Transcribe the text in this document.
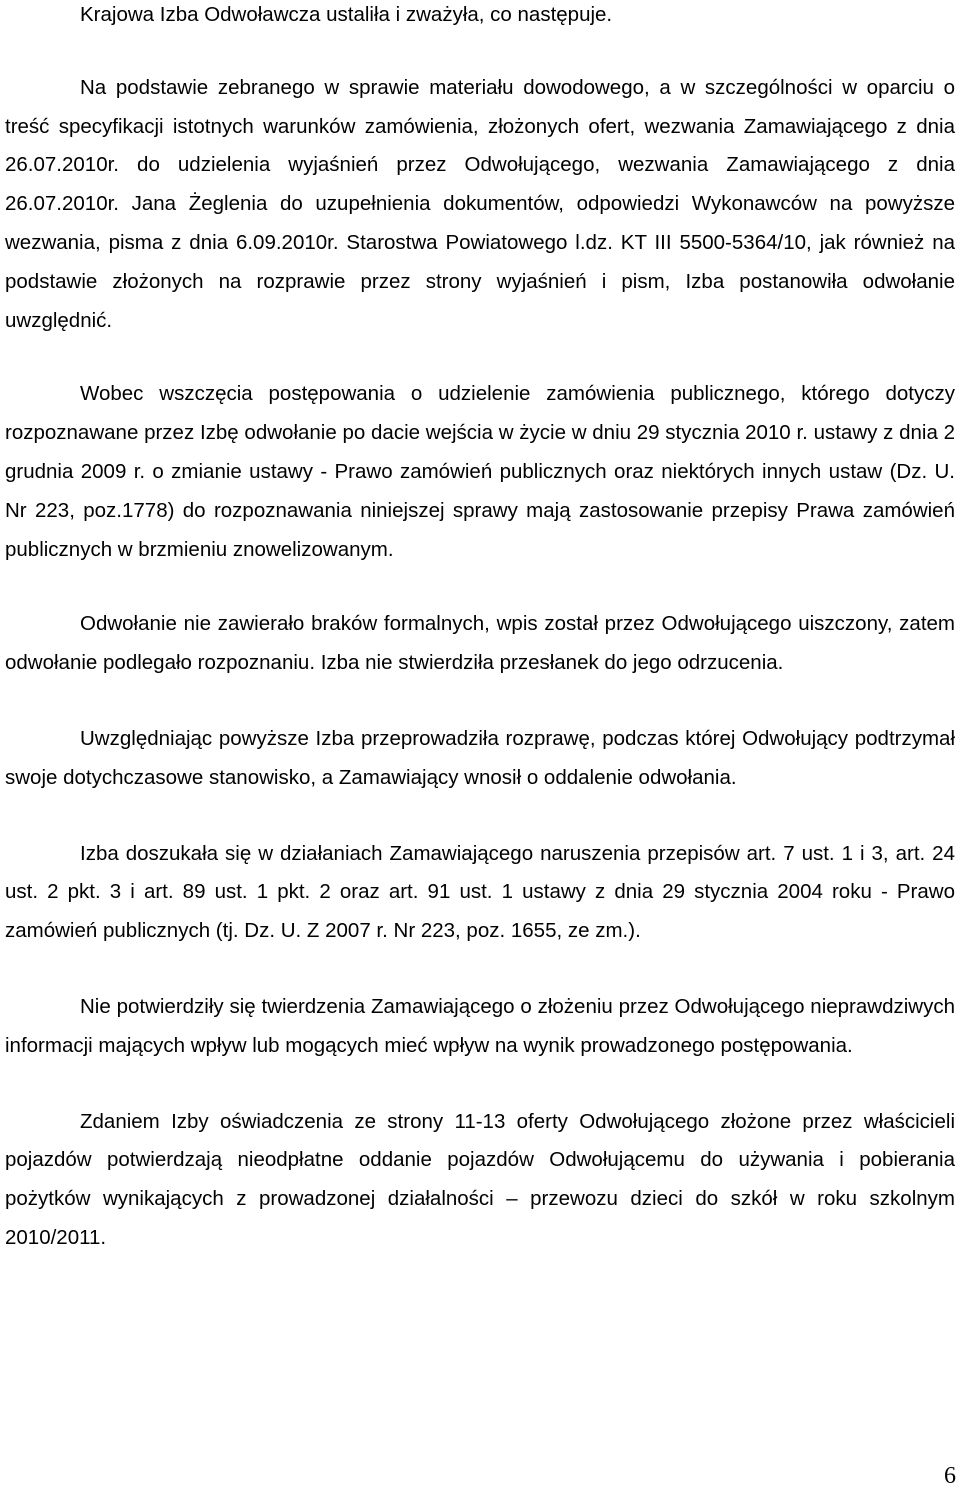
Krajowa Izba Odwoławcza ustaliła i zważyła, co następuje.

Na podstawie zebranego w sprawie materiału dowodowego, a w szczególności w oparciu o treść specyfikacji istotnych warunków zamówienia, złożonych ofert, wezwania Zamawiającego z dnia 26.07.2010r. do udzielenia wyjaśnień przez Odwołującego, wezwania Zamawiającego z dnia 26.07.2010r. Jana Żeglenia do uzupełnienia dokumentów, odpowiedzi Wykonawców na powyższe wezwania, pisma z dnia 6.09.2010r. Starostwa Powiatowego l.dz. KT III 5500-5364/10, jak również na podstawie złożonych na rozprawie przez strony wyjaśnień i pism, Izba postanowiła odwołanie uwzględnić.

Wobec wszczęcia postępowania o udzielenie zamówienia publicznego, którego dotyczy rozpoznawane przez Izbę odwołanie po dacie wejścia w życie w dniu 29 stycznia 2010 r. ustawy z dnia 2 grudnia 2009 r. o zmianie ustawy - Prawo zamówień publicznych oraz niektórych innych ustaw (Dz. U. Nr 223, poz.1778) do rozpoznawania niniejszej sprawy mają zastosowanie przepisy Prawa zamówień publicznych w brzmieniu znowelizowanym.

Odwołanie nie zawierało braków formalnych, wpis został przez Odwołującego uiszczony, zatem odwołanie podlegało rozpoznaniu. Izba nie stwierdziła przesłanek do jego odrzucenia.

Uwzględniając powyższe Izba przeprowadziła rozprawę, podczas której Odwołujący podtrzymał swoje dotychczasowe stanowisko, a Zamawiający wnosił o oddalenie odwołania.

Izba doszukała się w działaniach Zamawiającego naruszenia przepisów art. 7 ust. 1 i 3, art. 24 ust. 2 pkt. 3 i art. 89 ust. 1 pkt. 2 oraz art. 91 ust. 1 ustawy z dnia 29 stycznia 2004 roku - Prawo zamówień publicznych (tj. Dz. U. Z 2007 r. Nr 223, poz. 1655, ze zm.).

Nie potwierdziły się twierdzenia Zamawiającego o złożeniu przez Odwołującego nieprawdziwych informacji mających wpływ lub mogących mieć wpływ na wynik prowadzonego postępowania.

Zdaniem Izby oświadczenia ze strony 11-13 oferty Odwołującego złożone przez właścicieli pojazdów potwierdzają nieodpłatne oddanie pojazdów Odwołującemu do używania i pobierania pożytków wynikających z prowadzonej działalności – przewozu dzieci do szkół w roku szkolnym 2010/2011.

6
